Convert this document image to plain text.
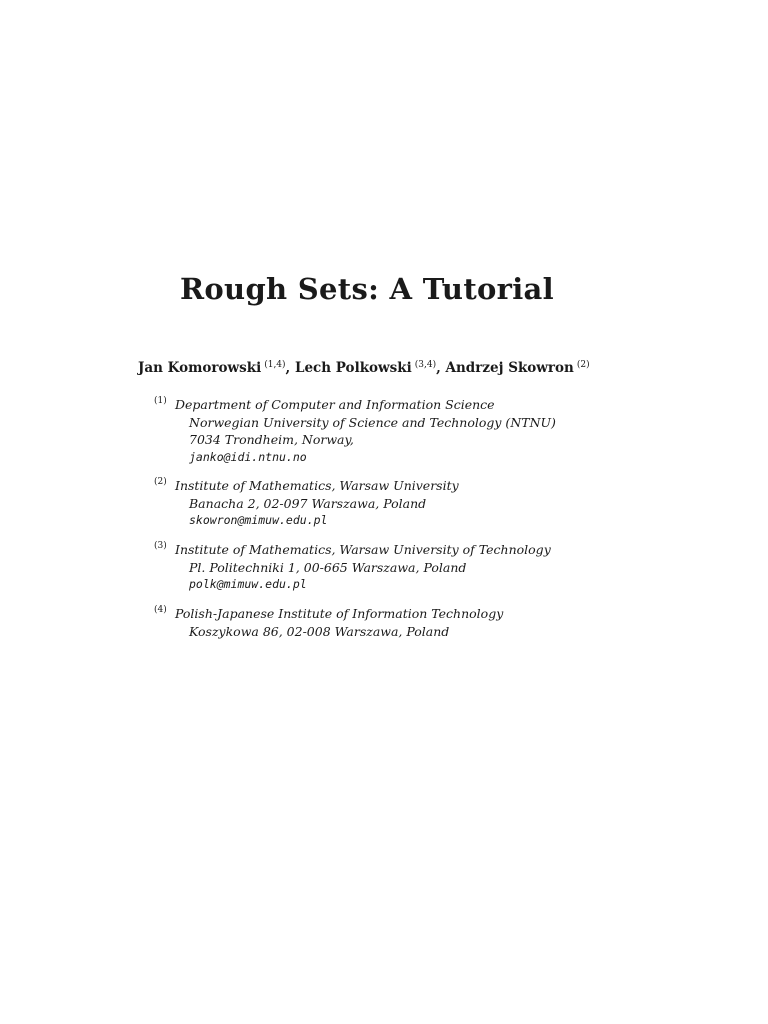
Rough Sets: A Tutorial
Jan Komorowski $^{(1,4)}$, Lech Polkowski $^{(3,4)}$, Andrzej Skowron $^{(2)}$
(1) Department of Computer and Information Science
Norwegian University of Science and Technology (NTNU)
7034 Trondheim, Norway,
janko@idi.ntnu.no
(2) Institute of Mathematics, Warsaw University
Banacha 2, 02-097 Warszawa, Poland
skowron@mimuw.edu.pl
(3) Institute of Mathematics, Warsaw University of Technology
Pl. Politechniki 1, 00-665 Warszawa, Poland
polk@mimuw.edu.pl
(4) Polish-Japanese Institute of Information Technology
Koszykowa 86, 02-008 Warszawa, Poland
